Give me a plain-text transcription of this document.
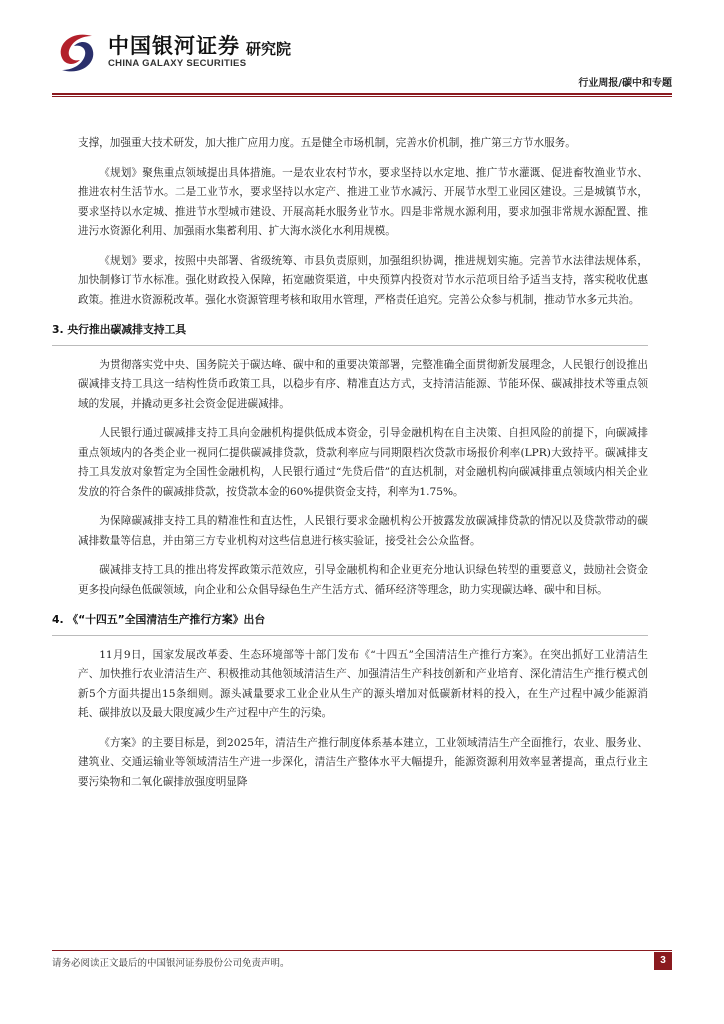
中国银河证券 研究院
CHINA GALAXY SECURITIES
行业周报/碳中和专题

支撑，加强重大技术研发，加大推广应用力度。五是健全市场机制，完善水价机制，推广第三方节水服务。

《规划》聚焦重点领域提出具体措施。一是农业农村节水，要求坚持以水定地、推广节水灌溉、促进畜牧渔业节水、推进农村生活节水。二是工业节水，要求坚持以水定产、推进工业节水减污、开展节水型工业园区建设。三是城镇节水，要求坚持以水定城、推进节水型城市建设、开展高耗水服务业节水。四是非常规水源利用，要求加强非常规水源配置、推进污水资源化利用、加强雨水集蓄利用、扩大海水淡化水利用规模。

《规划》要求，按照中央部署、省级统筹、市县负责原则，加强组织协调，推进规划实施。完善节水法律法规体系，加快制修订节水标准。强化财政投入保障，拓宽融资渠道，中央预算内投资对节水示范项目给予适当支持，落实税收优惠政策。推进水资源税改革。强化水资源管理考核和取用水管理，严格责任追究。完善公众参与机制，推动节水多元共治。

3. 央行推出碳减排支持工具

为贯彻落实党中央、国务院关于碳达峰、碳中和的重要决策部署，完整准确全面贯彻新发展理念，人民银行创设推出碳减排支持工具这一结构性货币政策工具，以稳步有序、精准直达方式，支持清洁能源、节能环保、碳减排技术等重点领域的发展，并撬动更多社会资金促进碳减排。

人民银行通过碳减排支持工具向金融机构提供低成本资金，引导金融机构在自主决策、自担风险的前提下，向碳减排重点领域内的各类企业一视同仁提供碳减排贷款，贷款利率应与同期限档次贷款市场报价利率(LPR)大致持平。碳减排支持工具发放对象暂定为全国性金融机构，人民银行通过“先贷后借”的直达机制，对金融机构向碳减排重点领域内相关企业发放的符合条件的碳减排贷款，按贷款本金的60%提供资金支持，利率为1.75%。

为保障碳减排支持工具的精准性和直达性，人民银行要求金融机构公开披露发放碳减排贷款的情况以及贷款带动的碳减排数量等信息，并由第三方专业机构对这些信息进行核实验证，接受社会公众监督。

碳减排支持工具的推出将发挥政策示范效应，引导金融机构和企业更充分地认识绿色转型的重要意义，鼓励社会资金更多投向绿色低碳领域，向企业和公众倡导绿色生产生活方式、循环经济等理念，助力实现碳达峰、碳中和目标。

4. 《“十四五”全国清洁生产推行方案》出台

11月9日，国家发展改革委、生态环境部等十部门发布《“十四五”全国清洁生产推行方案》。在突出抓好工业清洁生产、加快推行农业清洁生产、积极推动其他领域清洁生产、加强清洁生产科技创新和产业培育、深化清洁生产推行模式创新5个方面共提出15条细则。源头减量要求工业企业从生产的源头增加对低碳新材料的投入，在生产过程中减少能源消耗、碳排放以及最大限度减少生产过程中产生的污染。

《方案》的主要目标是，到2025年，清洁生产推行制度体系基本建立，工业领域清洁生产全面推行，农业、服务业、建筑业、交通运输业等领域清洁生产进一步深化，清洁生产整体水平大幅提升，能源资源利用效率显著提高，重点行业主要污染物和二氧化碳排放强度明显降

请务必阅读正文最后的中国银河证券股份公司免责声明。	3
